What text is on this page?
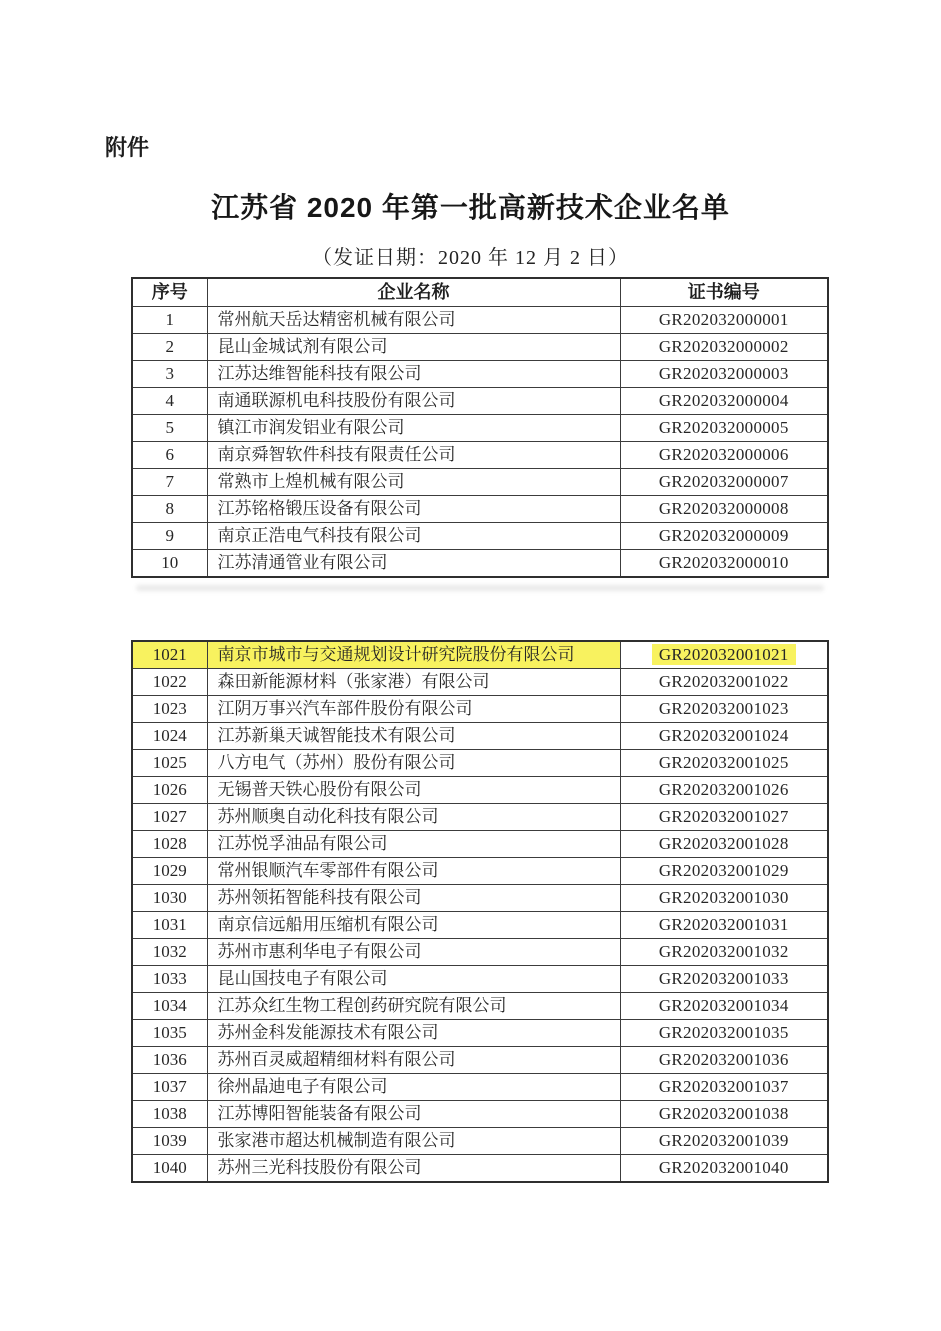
附件
江苏省 2020 年第一批高新技术企业名单
（发证日期：2020 年 12 月 2 日）
序号	企业名称	证书编号
1	常州航天岳达精密机械有限公司	GR202032000001
2	昆山金城试剂有限公司	GR202032000002
3	江苏达维智能科技有限公司	GR202032000003
4	南通联源机电科技股份有限公司	GR202032000004
5	镇江市润发铝业有限公司	GR202032000005
6	南京舜智软件科技有限责任公司	GR202032000006
7	常熟市上煌机械有限公司	GR202032000007
8	江苏铭格锻压设备有限公司	GR202032000008
9	南京正浩电气科技有限公司	GR202032000009
10	江苏清通管业有限公司	GR202032000010
1021	南京市城市与交通规划设计研究院股份有限公司	GR202032001021
1022	森田新能源材料（张家港）有限公司	GR202032001022
1023	江阴万事兴汽车部件股份有限公司	GR202032001023
1024	江苏新巢天诚智能技术有限公司	GR202032001024
1025	八方电气（苏州）股份有限公司	GR202032001025
1026	无锡普天铁心股份有限公司	GR202032001026
1027	苏州顺奥自动化科技有限公司	GR202032001027
1028	江苏悦孚油品有限公司	GR202032001028
1029	常州银顺汽车零部件有限公司	GR202032001029
1030	苏州领拓智能科技有限公司	GR202032001030
1031	南京信远船用压缩机有限公司	GR202032001031
1032	苏州市惠利华电子有限公司	GR202032001032
1033	昆山国技电子有限公司	GR202032001033
1034	江苏众红生物工程创药研究院有限公司	GR202032001034
1035	苏州金科发能源技术有限公司	GR202032001035
1036	苏州百灵威超精细材料有限公司	GR202032001036
1037	徐州晶迪电子有限公司	GR202032001037
1038	江苏博阳智能装备有限公司	GR202032001038
1039	张家港市超达机械制造有限公司	GR202032001039
1040	苏州三光科技股份有限公司	GR202032001040
